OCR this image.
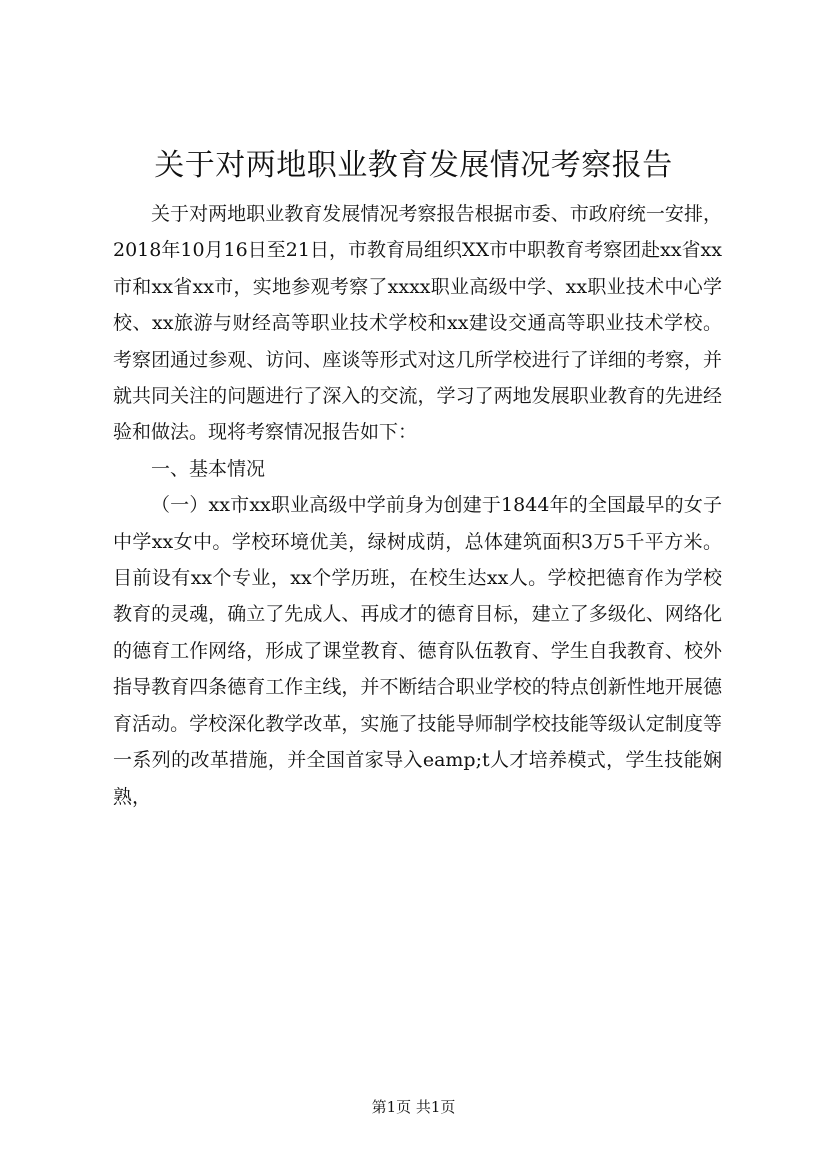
关于对两地职业教育发展情况考察报告

关于对两地职业教育发展情况考察报告根据市委、市政府统一安排，2018年10月16日至21日，市教育局组织XX市中职教育考察团赴xx省xx市和xx省xx市，实地参观考察了xxxx职业高级中学、xx职业技术中心学校、xx旅游与财经高等职业技术学校和xx建设交通高等职业技术学校。考察团通过参观、访问、座谈等形式对这几所学校进行了详细的考察，并就共同关注的问题进行了深入的交流，学习了两地发展职业教育的先进经验和做法。现将考察情况报告如下：

一、基本情况

（一）xx市xx职业高级中学前身为创建于1844年的全国最早的女子中学xx女中。学校环境优美，绿树成荫，总体建筑面积3万5千平方米。目前设有xx个专业，xx个学历班，在校生达xx人。学校把德育作为学校教育的灵魂，确立了先成人、再成才的德育目标，建立了多级化、网络化的德育工作网络，形成了课堂教育、德育队伍教育、学生自我教育、校外指导教育四条德育工作主线，并不断结合职业学校的特点创新性地开展德育活动。学校深化教学改革，实施了技能导师制学校技能等级认定制度等一系列的改革措施，并全国首家导入eamp;t人才培养模式，学生技能娴熟，

第1页 共1页
